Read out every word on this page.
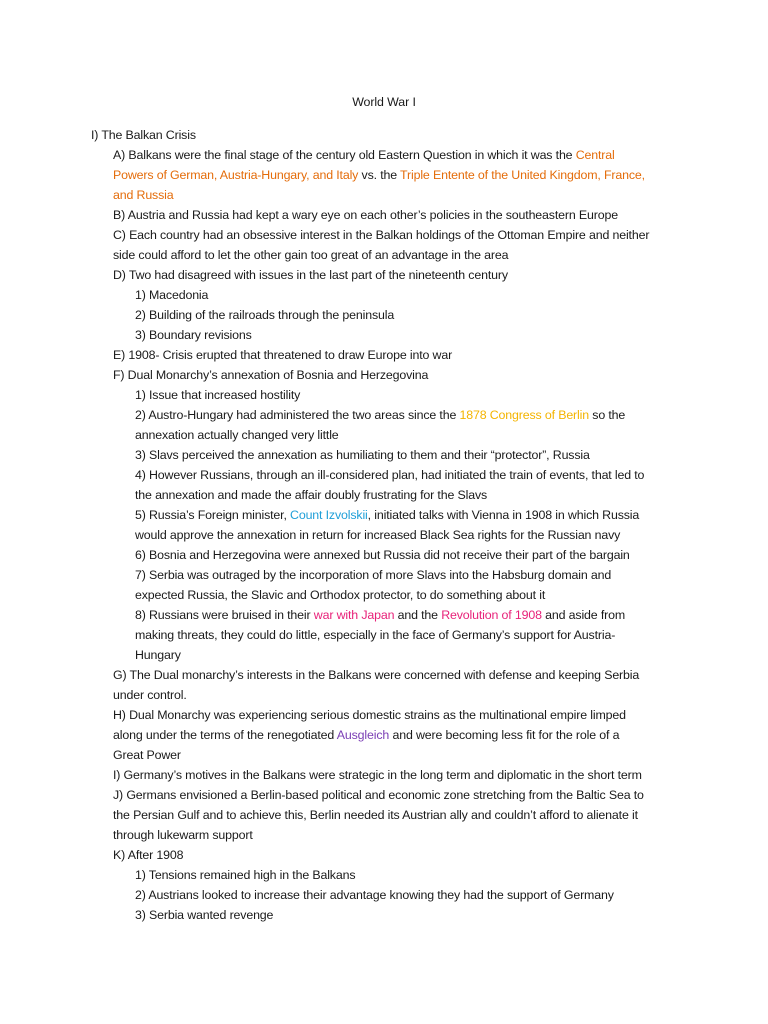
World War I
I) The Balkan Crisis
A) Balkans were the final stage of the century old Eastern Question in which it was the Central
Powers of German, Austria-Hungary, and Italy vs. the Triple Entente of the United Kingdom, France,
and Russia
B) Austria and Russia had kept a wary eye on each other’s policies in the southeastern Europe
C) Each country had an obsessive interest in the Balkan holdings of the Ottoman Empire and neither
side could afford to let the other gain too great of an advantage in the area
D) Two had disagreed with issues in the last part of the nineteenth century
1) Macedonia
2) Building of the railroads through the peninsula
3) Boundary revisions
E) 1908- Crisis erupted that threatened to draw Europe into war
F) Dual Monarchy’s annexation of Bosnia and Herzegovina
1) Issue that increased hostility
2) Austro-Hungary had administered the two areas since the 1878 Congress of Berlin so the
annexation actually changed very little
3) Slavs perceived the annexation as humiliating to them and their “protector”, Russia
4) However Russians, through an ill-considered plan, had initiated the train of events, that led to
the annexation and made the affair doubly frustrating for the Slavs
5) Russia’s Foreign minister, Count Izvolskii, initiated talks with Vienna in 1908 in which Russia
would approve the annexation in return for increased Black Sea rights for the Russian navy
6) Bosnia and Herzegovina were annexed but Russia did not receive their part of the bargain
7) Serbia was outraged by the incorporation of more Slavs into the Habsburg domain and
expected Russia, the Slavic and Orthodox protector, to do something about it
8) Russians were bruised in their war with Japan and the Revolution of 1908 and aside from
making threats, they could do little, especially in the face of Germany’s support for Austria-
Hungary
G) The Dual monarchy’s interests in the Balkans were concerned with defense and keeping Serbia
under control.
H) Dual Monarchy was experiencing serious domestic strains as the multinational empire limped
along under the terms of the renegotiated Ausgleich and were becoming less fit for the role of a
Great Power
I) Germany’s motives in the Balkans were strategic in the long term and diplomatic in the short term
J) Germans envisioned a Berlin-based political and economic zone stretching from the Baltic Sea to
the Persian Gulf and to achieve this, Berlin needed its Austrian ally and couldn’t afford to alienate it
through lukewarm support
K) After 1908
1) Tensions remained high in the Balkans
2) Austrians looked to increase their advantage knowing they had the support of Germany
3) Serbia wanted revenge
